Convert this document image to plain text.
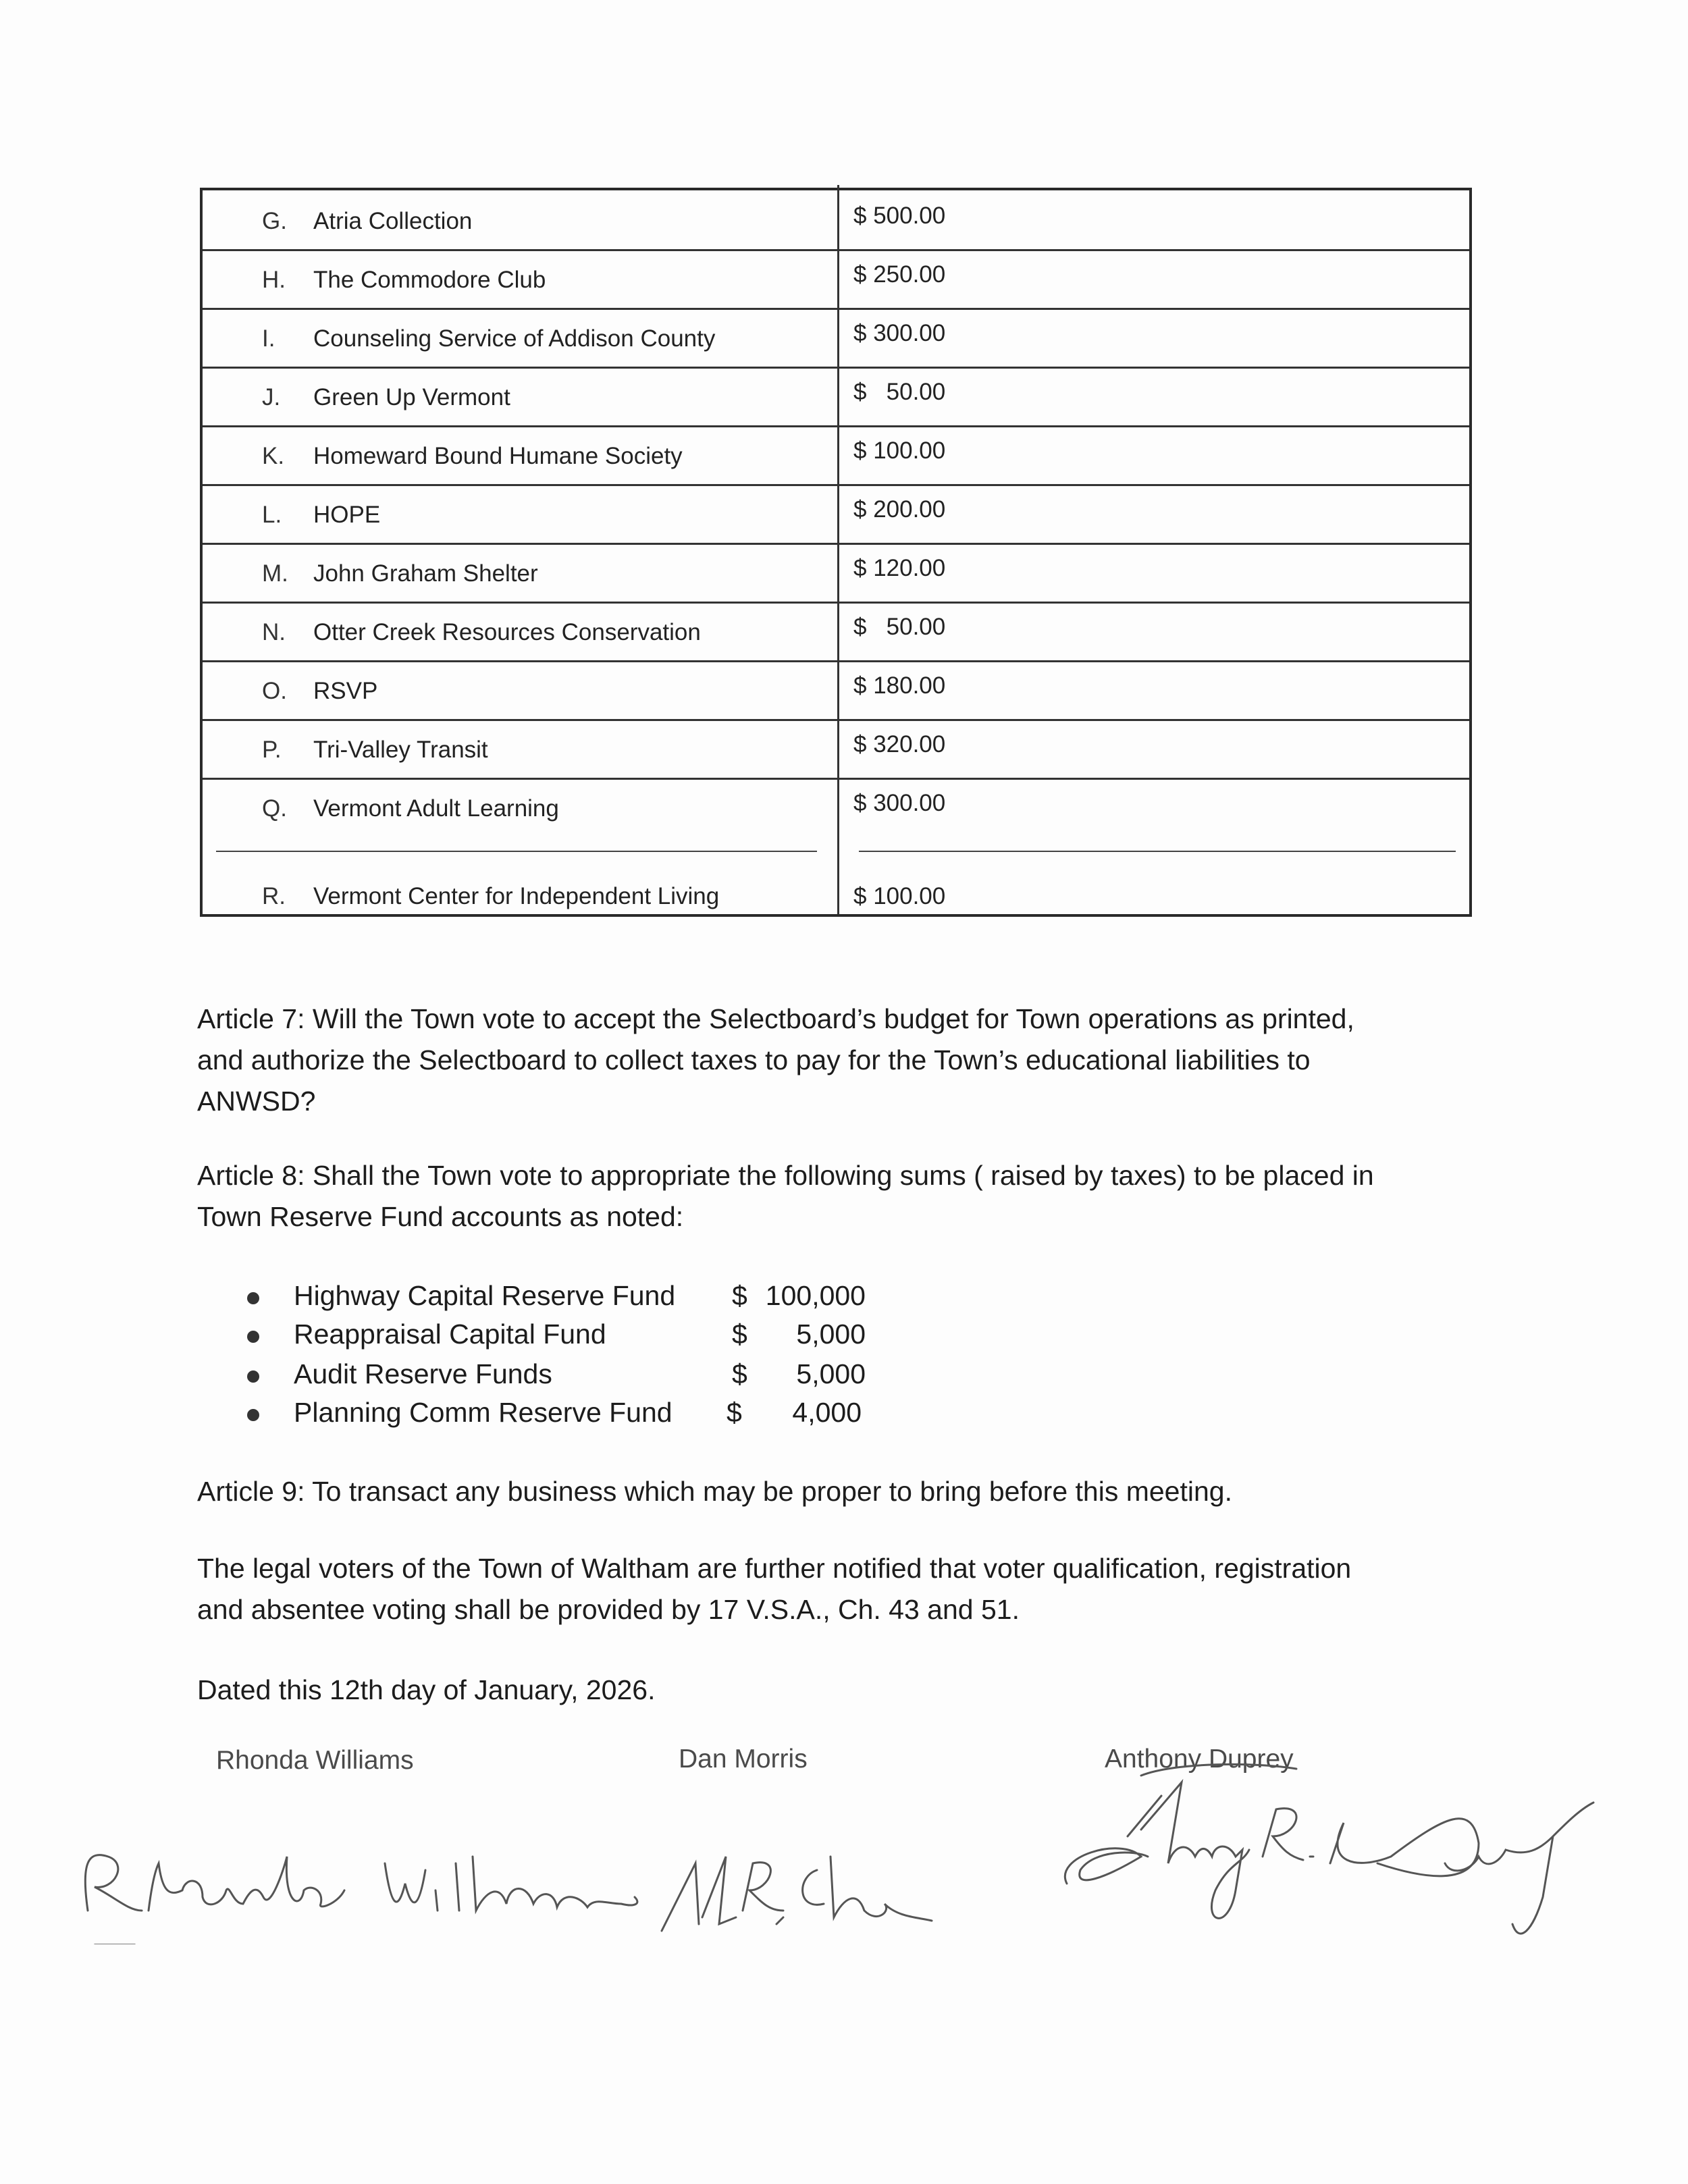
G. Atria Collection	$ 500.00
H. The Commodore Club	$ 250.00
I. Counseling Service of Addison County	$ 300.00
J. Green Up Vermont	$   50.00
K. Homeward Bound Humane Society	$ 100.00
L. HOPE	$ 200.00
M. John Graham Shelter	$ 120.00
N. Otter Creek Resources Conservation	$   50.00
O. RSVP	$ 180.00
P. Tri-Valley Transit	$ 320.00
Q. Vermont Adult Learning	$ 300.00
R. Vermont Center for Independent Living	$ 100.00
Article 7: Will the Town vote to accept the Selectboard’s budget for Town operations as printed,
and authorize the Selectboard to collect taxes to pay for the Town’s educational liabilities to
ANWSD?
Article 8: Shall the Town vote to appropriate the following sums ( raised by taxes) to be placed in
Town Reserve Fund accounts as noted:
Highway Capital Reserve Fund $ 100,000
Reappraisal Capital Fund	$ 5,000
Audit Reserve Funds	$ 5,000
Planning Comm Reserve Fund $ 4,000
Article 9: To transact any business which may be proper to bring before this meeting.
The legal voters of the Town of Waltham are further notified that voter qualification, registration
and absentee voting shall be provided by 17 V.S.A., Ch. 43 and 51.
Dated this 12th day of January, 2026.
Rhonda Williams	Dan Morris	Anthony Duprey
